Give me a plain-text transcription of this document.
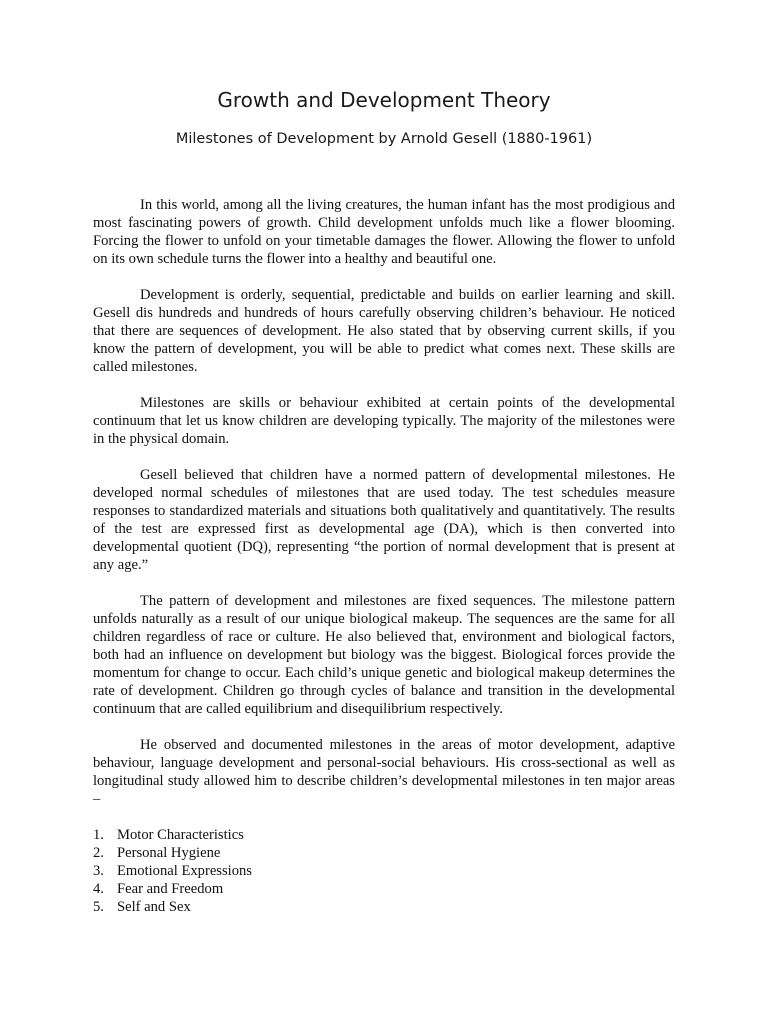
Growth and Development Theory
Milestones of Development by Arnold Gesell (1880-1961)

In this world, among all the living creatures, the human infant has the most prodigious and most fascinating powers of growth. Child development unfolds much like a flower blooming. Forcing the flower to unfold on your timetable damages the flower. Allowing the flower to unfold on its own schedule turns the flower into a healthy and beautiful one.

Development is orderly, sequential, predictable and builds on earlier learning and skill. Gesell dis hundreds and hundreds of hours carefully observing children’s behaviour. He noticed that there are sequences of development. He also stated that by observing current skills, if you know the pattern of development, you will be able to predict what comes next. These skills are called milestones.

Milestones are skills or behaviour exhibited at certain points of the developmental continuum that let us know children are developing typically. The majority of the milestones were in the physical domain.

Gesell believed that children have a normed pattern of developmental milestones. He developed normal schedules of milestones that are used today. The test schedules measure responses to standardized materials and situations both qualitatively and quantitatively. The results of the test are expressed first as developmental age (DA), which is then converted into developmental quotient (DQ), representing “the portion of normal development that is present at any age.”

The pattern of development and milestones are fixed sequences. The milestone pattern unfolds naturally as a result of our unique biological makeup. The sequences are the same for all children regardless of race or culture. He also believed that, environment and biological factors, both had an influence on development but biology was the biggest. Biological forces provide the momentum for change to occur. Each child’s unique genetic and biological makeup determines the rate of development. Children go through cycles of balance and transition in the developmental continuum that are called equilibrium and disequilibrium respectively.

He observed and documented milestones in the areas of motor development, adaptive behaviour, language development and personal-social behaviours. His cross-sectional as well as longitudinal study allowed him to describe children’s developmental milestones in ten major areas –

1. Motor Characteristics
2. Personal Hygiene
3. Emotional Expressions
4. Fear and Freedom
5. Self and Sex
